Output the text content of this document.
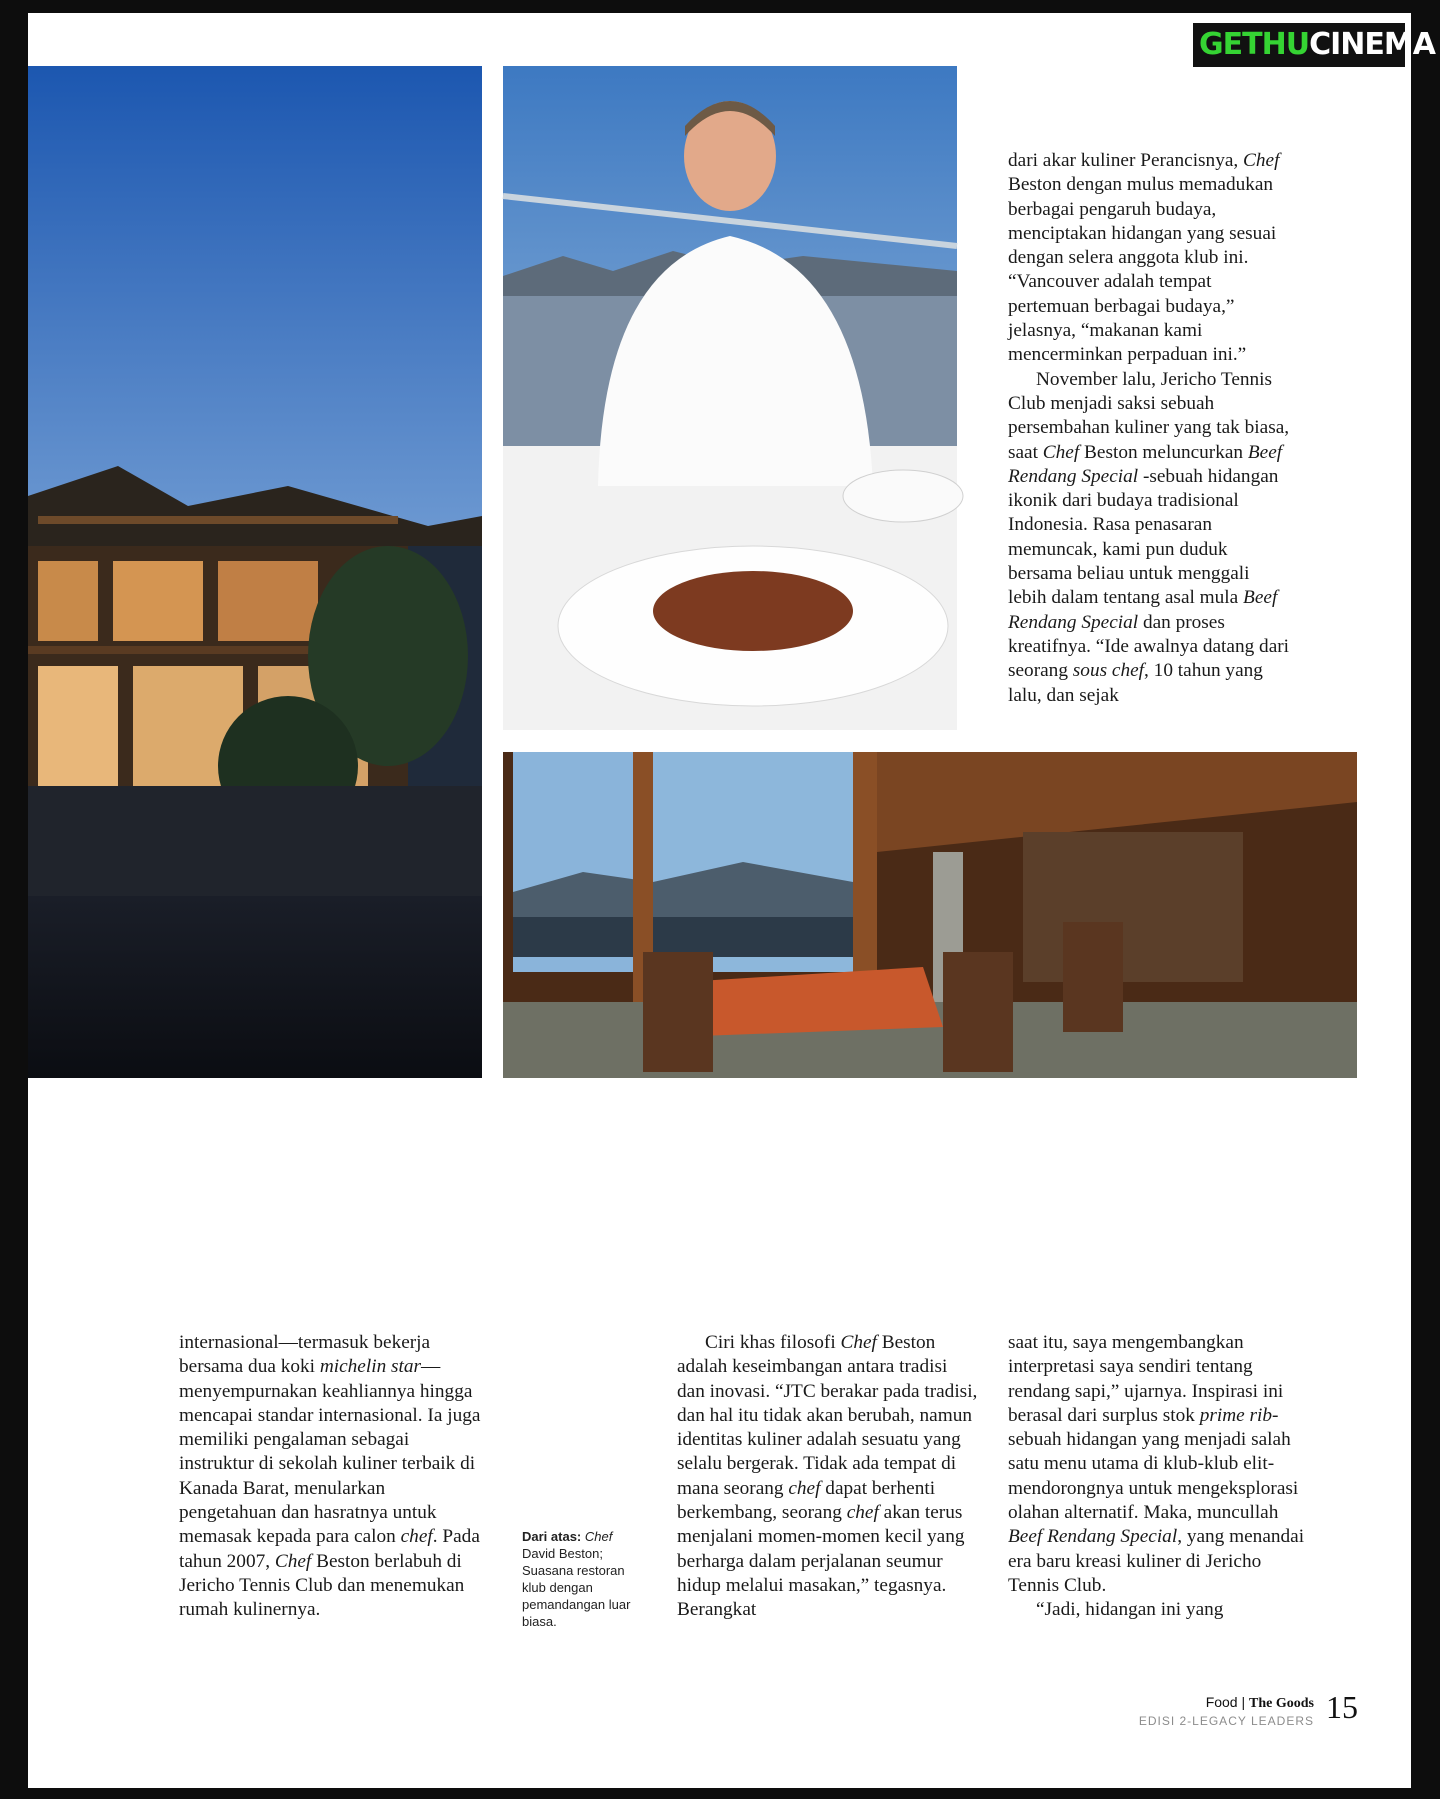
GETHUCINEMA

dari akar kuliner Perancisnya, Chef Beston dengan mulus memadukan berbagai pengaruh budaya, menciptakan hidangan yang sesuai dengan selera anggota klub ini. “Vancouver adalah tempat pertemuan berbagai budaya,” jelasnya, “makanan kami mencerminkan perpaduan ini.”

November lalu, Jericho Tennis Club menjadi saksi sebuah persembahan kuliner yang tak biasa, saat Chef Beston meluncurkan Beef Rendang Special -sebuah hidangan ikonik dari budaya tradisional Indonesia. Rasa penasaran memuncak, kami pun duduk bersama beliau untuk menggali lebih dalam tentang asal mula Beef Rendang Special dan proses kreatifnya. “Ide awalnya datang dari seorang sous chef, 10 tahun yang lalu, dan sejak

internasional—termasuk bekerja bersama dua koki michelin star—menyempurnakan keahliannya hingga mencapai standar internasional. Ia juga memiliki pengalaman sebagai instruktur di sekolah kuliner terbaik di Kanada Barat, menularkan pengetahuan dan hasratnya untuk memasak kepada para calon chef. Pada tahun 2007, Chef Beston berlabuh di Jericho Tennis Club dan menemukan rumah kulinernya.

Dari atas: Chef David Beston; Suasana restoran klub dengan pemandangan luar biasa.

Ciri khas filosofi Chef Beston adalah keseimbangan antara tradisi dan inovasi. “JTC berakar pada tradisi, dan hal itu tidak akan berubah, namun identitas kuliner adalah sesuatu yang selalu bergerak. Tidak ada tempat di mana seorang chef dapat berhenti berkembang, seorang chef akan terus menjalani momen-momen kecil yang berharga dalam perjalanan seumur hidup melalui masakan,” tegasnya. Berangkat

saat itu, saya mengembangkan interpretasi saya sendiri tentang rendang sapi,” ujarnya. Inspirasi ini berasal dari surplus stok prime rib-sebuah hidangan yang menjadi salah satu menu utama di klub-klub elit-mendorongnya untuk mengeksplorasi olahan alternatif. Maka, muncullah Beef Rendang Special, yang menandai era baru kreasi kuliner di Jericho Tennis Club.

“Jadi, hidangan ini yang

Food | The Goods
EDISI 2-LEGACY LEADERS 15
